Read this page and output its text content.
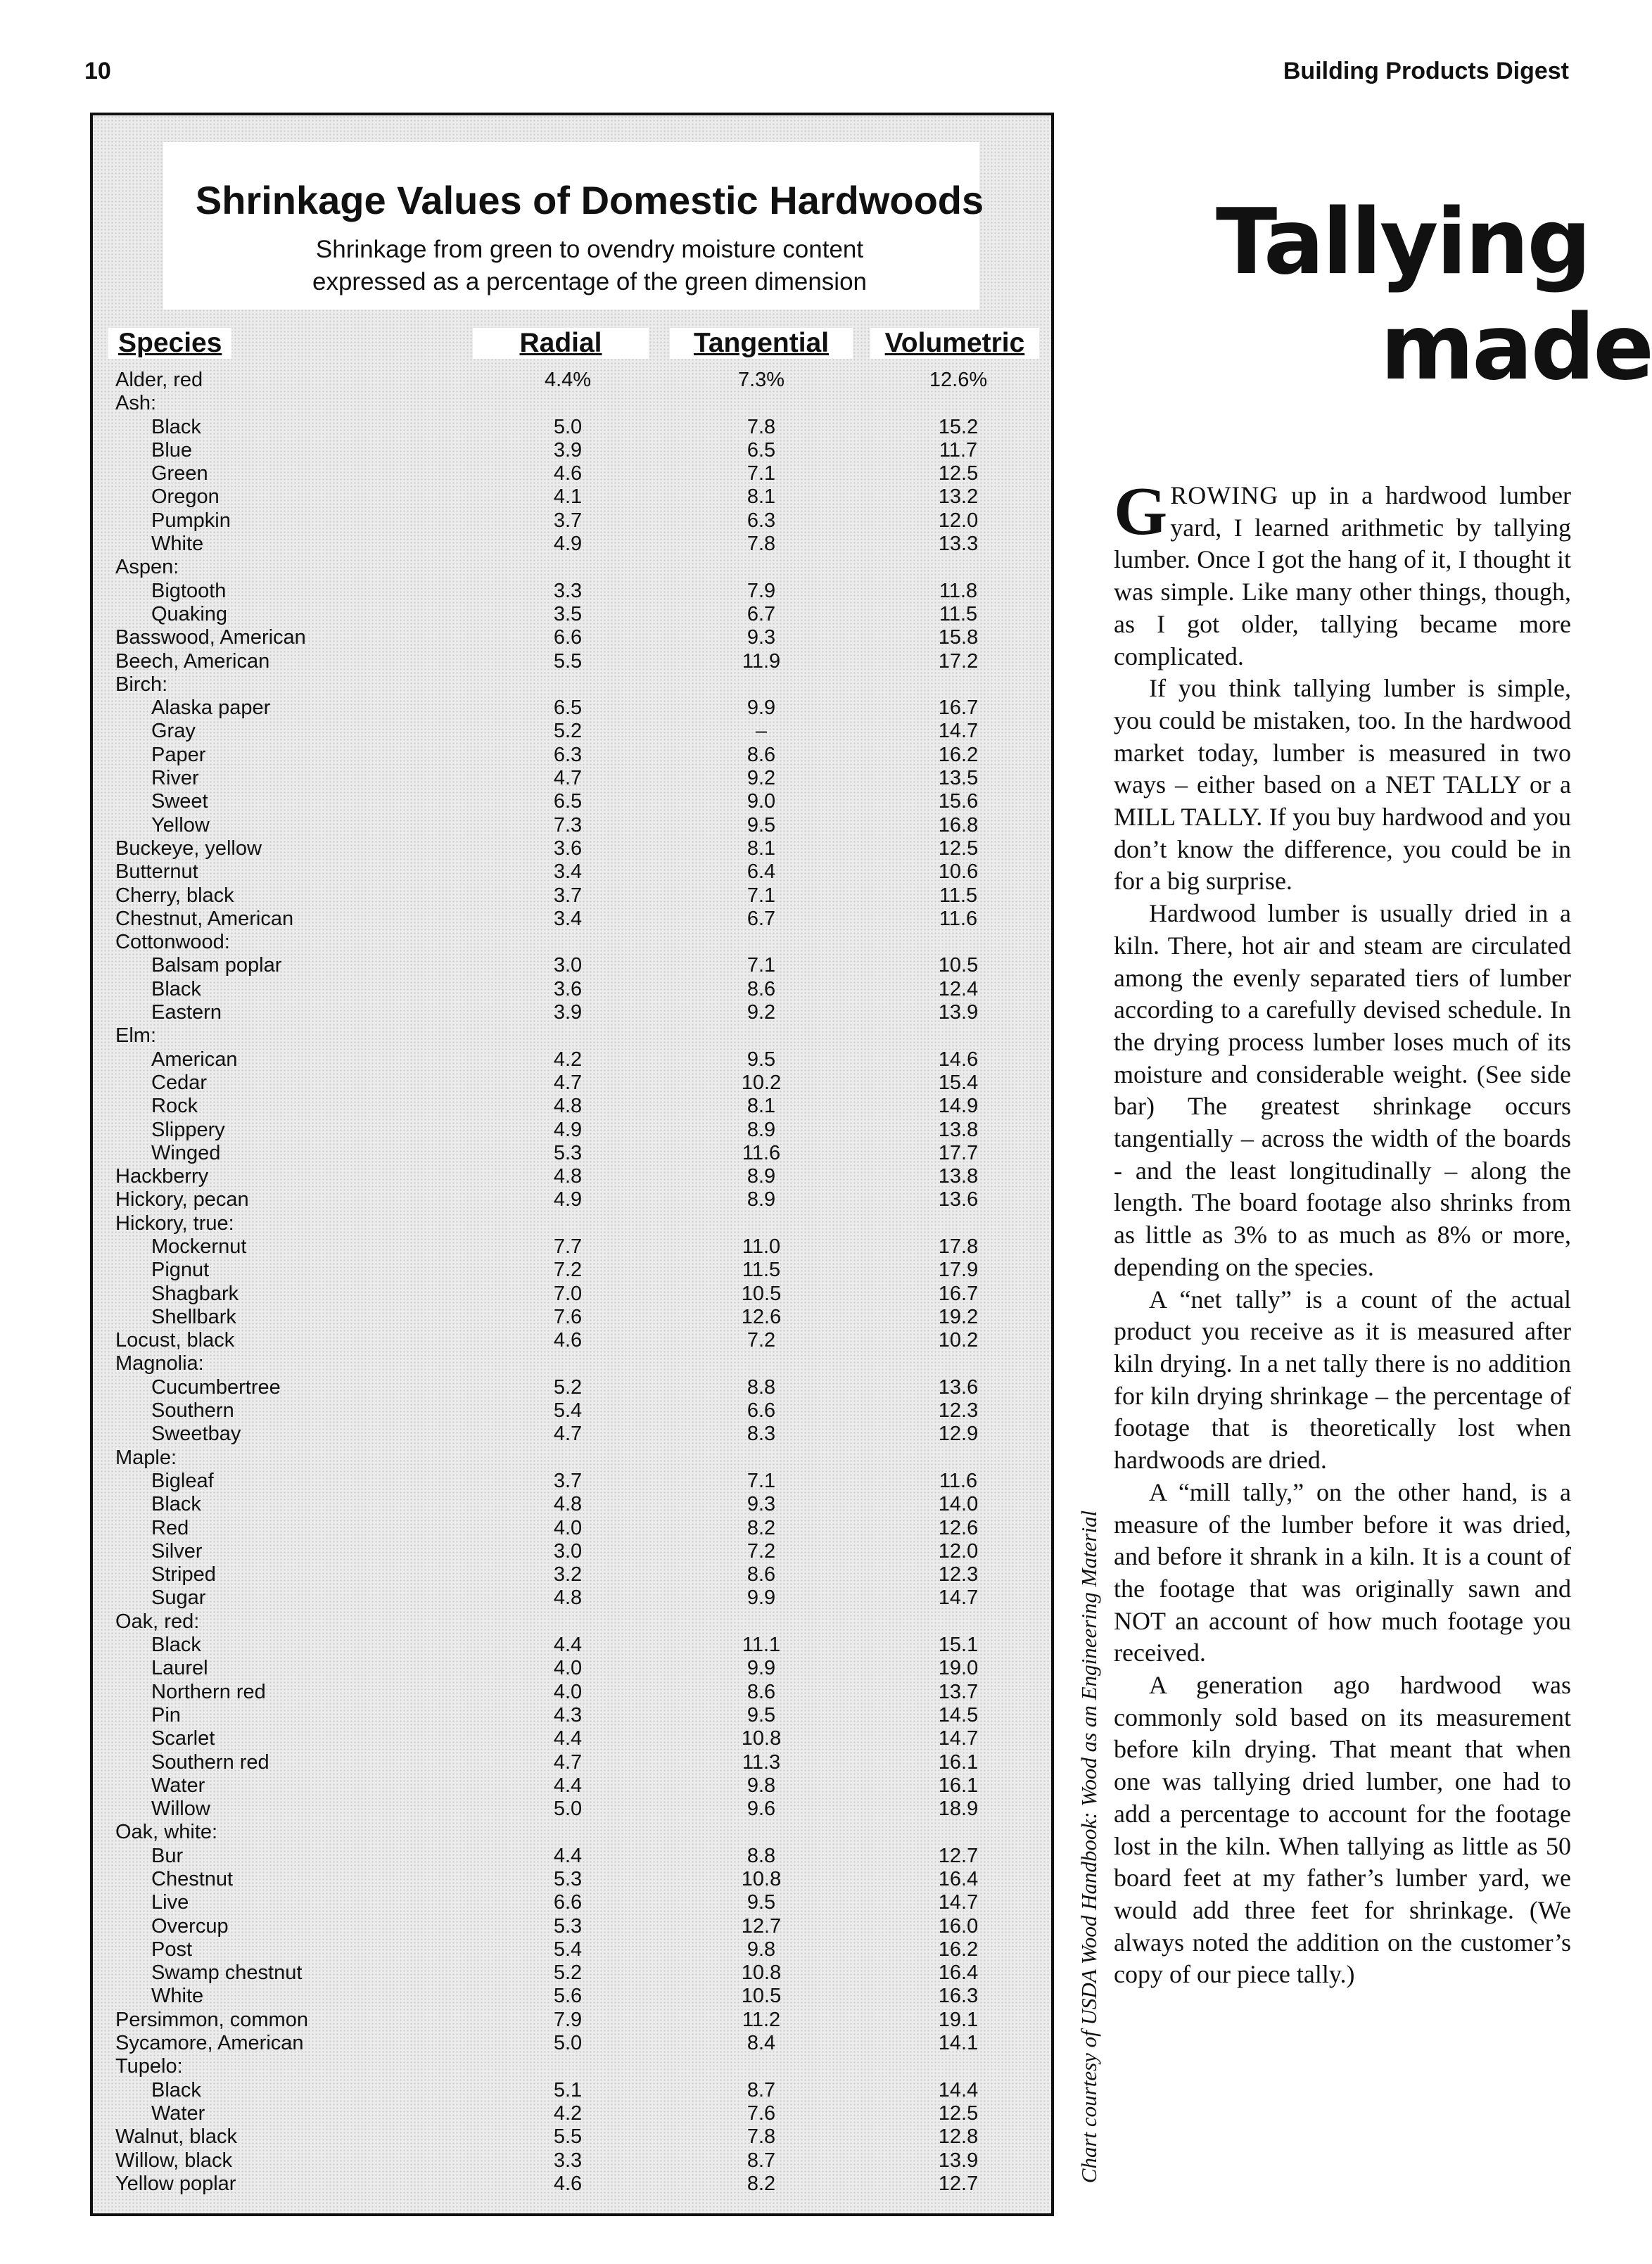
10	Building Products Digest
Shrinkage Values of Domestic Hardwoods
Shrinkage from green to ovendry moisture content
expressed as a percentage of the green dimension
Species	Radial	Tangential	Volumetric
Alder, red	4.4%	7.3%	12.6%
Ash:
Black	5.0	7.8	15.2
Blue	3.9	6.5	11.7
Green	4.6	7.1	12.5
Oregon	4.1	8.1	13.2
Pumpkin	3.7	6.3	12.0
White	4.9	7.8	13.3
Aspen:
Bigtooth	3.3	7.9	11.8
Quaking	3.5	6.7	11.5
Basswood, American	6.6	9.3	15.8
Beech, American	5.5	11.9	17.2
Birch:
Alaska paper	6.5	9.9	16.7
Gray	5.2	–	14.7
Paper	6.3	8.6	16.2
River	4.7	9.2	13.5
Sweet	6.5	9.0	15.6
Yellow	7.3	9.5	16.8
Buckeye, yellow	3.6	8.1	12.5
Butternut	3.4	6.4	10.6
Cherry, black	3.7	7.1	11.5
Chestnut, American	3.4	6.7	11.6
Cottonwood:
Balsam poplar	3.0	7.1	10.5
Black	3.6	8.6	12.4
Eastern	3.9	9.2	13.9
Elm:
American	4.2	9.5	14.6
Cedar	4.7	10.2	15.4
Rock	4.8	8.1	14.9
Slippery	4.9	8.9	13.8
Winged	5.3	11.6	17.7
Hackberry	4.8	8.9	13.8
Hickory, pecan	4.9	8.9	13.6
Hickory, true:
Mockernut	7.7	11.0	17.8
Pignut	7.2	11.5	17.9
Shagbark	7.0	10.5	16.7
Shellbark	7.6	12.6	19.2
Locust, black	4.6	7.2	10.2
Magnolia:
Cucumbertree	5.2	8.8	13.6
Southern	5.4	6.6	12.3
Sweetbay	4.7	8.3	12.9
Maple:
Bigleaf	3.7	7.1	11.6
Black	4.8	9.3	14.0
Red	4.0	8.2	12.6
Silver	3.0	7.2	12.0
Striped	3.2	8.6	12.3
Sugar	4.8	9.9	14.7
Oak, red:
Black	4.4	11.1	15.1
Laurel	4.0	9.9	19.0
Northern red	4.0	8.6	13.7
Pin	4.3	9.5	14.5
Scarlet	4.4	10.8	14.7
Southern red	4.7	11.3	16.1
Water	4.4	9.8	16.1
Willow	5.0	9.6	18.9
Oak, white:
Bur	4.4	8.8	12.7
Chestnut	5.3	10.8	16.4
Live	6.6	9.5	14.7
Overcup	5.3	12.7	16.0
Post	5.4	9.8	16.2
Swamp chestnut	5.2	10.8	16.4
White	5.6	10.5	16.3
Persimmon, common	7.9	11.2	19.1
Sycamore, American	5.0	8.4	14.1
Tupelo:
Black	5.1	8.7	14.4
Water	4.2	7.6	12.5
Walnut, black	5.5	7.8	12.8
Willow, black	3.3	8.7	13.9
Yellow poplar	4.6	8.2	12.7
Chart courtesy of USDA Wood Handbook: Wood as an Engineering Material
Tallying
made

GROWING up in a hardwood lumber yard, I learned arithmetic by tallying lumber. Once I got the hang of it, I thought it was simple. Like many other things, though, as I got older, tallying became more complicated.

If you think tallying lumber is simple, you could be mistaken, too. In the hardwood market today, lumber is measured in two ways – either based on a NET TALLY or a MILL TALLY. If you buy hardwood and you don’t know the difference, you could be in for a big surprise.

Hardwood lumber is usually dried in a kiln. There, hot air and steam are circulated among the evenly separated tiers of lumber according to a carefully devised schedule. In the drying process lumber loses much of its moisture and considerable weight. (See side bar) The greatest shrinkage occurs tangentially – across the width of the boards - and the least longitudinally – along the length. The board footage also shrinks from as little as 3% to as much as 8% or more, depending on the species.

A “net tally” is a count of the actual product you receive as it is measured after kiln drying. In a net tally there is no addition for kiln drying shrinkage – the percentage of footage that is theoretically lost when hardwoods are dried.

A “mill tally,” on the other hand, is a measure of the lumber before it was dried, and before it shrank in a kiln. It is a count of the footage that was originally sawn and NOT an account of how much footage you received.

A generation ago hardwood was commonly sold based on its measurement before kiln drying. That meant that when one was tallying dried lumber, one had to add a percentage to account for the footage lost in the kiln. When tallying as little as 50 board feet at my father’s lumber yard, we would add three feet for shrinkage. (We always noted the addition on the customer’s copy of our piece tally.)
